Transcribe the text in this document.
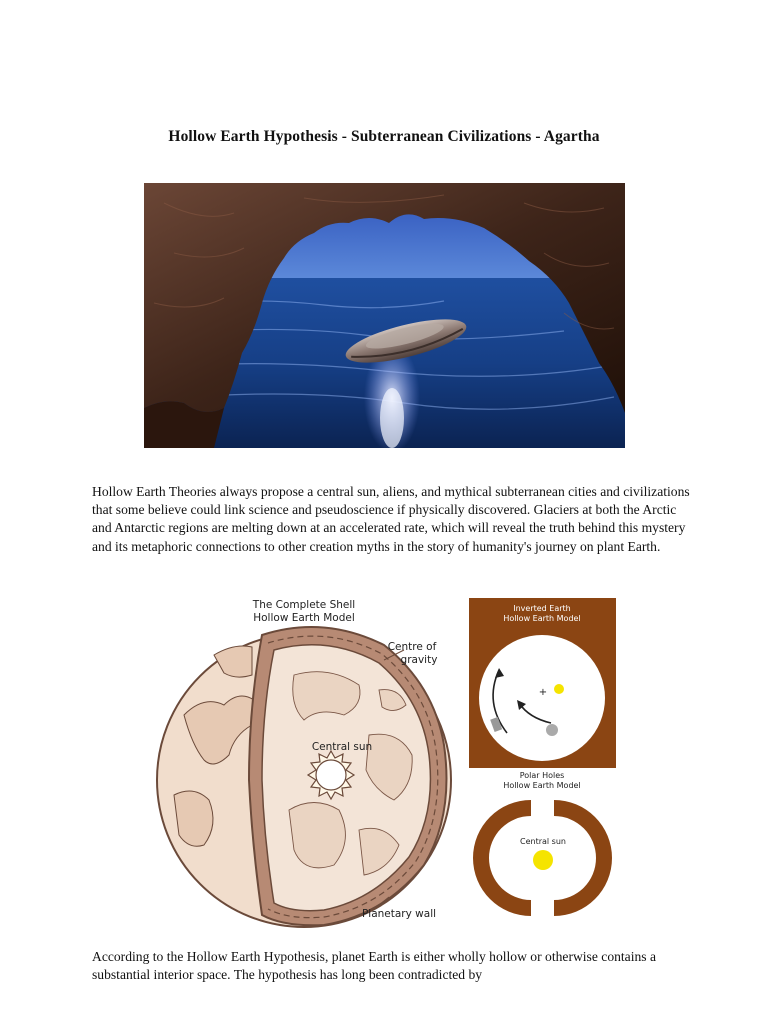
Hollow Earth Hypothesis - Subterranean Civilizations - Agartha
Hollow Earth Theories always propose a central sun, aliens, and mythical subterranean cities and civilizations that some believe could link science and pseudoscience if physically discovered. Glaciers at both the Arctic and Antarctic regions are melting down at an accelerated rate, which will reveal the truth behind this mystery and its metaphoric connections to other creation myths in the story of humanity's journey on plant Earth.
The Complete Shell
Hollow Earth Model
Centre of
gravity
Central sun
Planetary wall
+
Inverted Earth
Hollow Earth Model
Polar Holes
Hollow Earth Model
Central sun
According to the Hollow Earth Hypothesis, planet Earth is either wholly hollow or otherwise contains a substantial interior space. The hypothesis has long been contradicted by
